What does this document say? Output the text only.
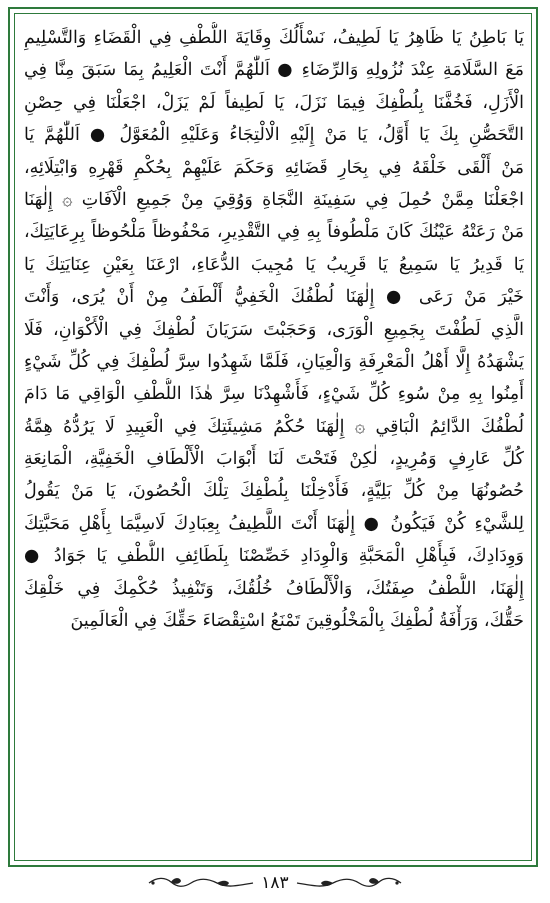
يَا بَاطِنُ يَا ظَاهِرُ يَا لَطِيفُ، نَسْأَلُكَ وِقَايَةَ اللُّطْفِ فِي الْقَضَاءِ وَالتَّسْلِيمِ
مَعَ السَّلَامَةِ عِنْدَ نُزُولِهِ وَالرِّضَاءِ ● اَللّٰهُمَّ أَنْتَ الْعَلِيمُ بِمَا سَبَقَ مِنَّا فِي
الْأَزَلِ، فَخُفَّنَا بِلُطْفِكَ فِيمَا نَزَلَ، يَا لَطِيفاً لَمْ يَزَلْ، اجْعَلْنَا فِي حِصْنِ
التَّحَصُّنِ بِكَ يَا أَوَّلُ، يَا مَنْ إِلَيْهِ الْالْتِجَاءُ وَعَلَيْهِ الْمُعَوَّلُ ● اَللّٰهُمَّ يَا
مَنْ أَلْقَى خَلْقَهُ فِي بِحَارِ قَضَائِهِ وَحَكَمَ عَلَيْهِمْ بِحُكْمِ قَهْرِهِ وَابْتِلَائِهِ،
اجْعَلْنَا مِمَّنْ حُمِلَ فِي سَفِينَةِ النَّجَاةِ وَوُقِيَ مِنْ جَمِيعِ الْآفَاتِ ۞ إِلٰهَنَا
مَنْ رَعَتْهُ عَيْنُكَ كَانَ مَلْطُوفاً بِهِ فِي التَّقْدِيرِ، مَحْفُوظاً مَلْحُوظاً بِرِعَايَتِكَ،
يَا قَدِيرُ يَا سَمِيعُ يَا قَرِيبُ يَا مُجِيبَ الدُّعَاءِ، ارْعَنَا بِعَيْنِ عِنَايَتِكَ يَا
خَيْرَ مَنْ رَعَى ● إِلٰهَنَا لُطْفُكَ الْخَفِيُّ أَلْطَفُ مِنْ أَنْ يُرَى، وَأَنْتَ
الَّذِي لَطُفْتَ بِجَمِيعِ الْوَرَى، وَحَجَبْتَ سَرَيَانَ لُطْفِكَ فِي الْأَكْوَانِ، فَلَا
يَشْهَدُهُ إِلَّا أَهْلُ الْمَعْرِفَةِ وَالْعِيَانِ، فَلَمَّا شَهِدُوا سِرَّ لُطْفِكَ فِي كُلِّ شَيْءٍ
أَمِنُوا بِهِ مِنْ سُوءِ كُلِّ شَيْءٍ، فَأَشْهِدْنَا سِرَّ هٰذَا اللُّطْفِ الْوَاقِي مَا دَامَ
لُطْفُكَ الدَّائِمُ الْبَاقِي ۞ إِلٰهَنَا حُكْمُ مَشِيئَتِكَ فِي الْعَبِيدِ لَا يَرُدُّهُ هِمَّةُ
كُلِّ عَارِفٍ وَمُرِيدٍ، لٰكِنْ فَتَحْتَ لَنَا أَبْوَابَ الْأَلْطَافِ الْخَفِيَّةِ، الْمَانِعَةِ
حُصُونُهَا مِنْ كُلِّ بَلِيَّةٍ، فَأَدْخِلْنَا بِلُطْفِكَ تِلْكَ الْحُصُونَ، يَا مَنْ يَقُولُ
لِلشَّيْءِ كُنْ فَيَكُونُ ● إِلٰهَنَا أَنْتَ اللَّطِيفُ بِعِبَادِكَ لَاسِيَّمَا بِأَهْلِ مَحَبَّتِكَ
وَوِدَادِكَ، فَبِأَهْلِ الْمَحَبَّةِ وَالْوِدَادِ خَصِّصْنَا بِلَطَائِفِ اللُّطْفِ يَا جَوَادُ ●
إِلٰهَنَا، اللُّطْفُ صِفَتُكَ، وَالْأَلْطَافُ خُلُقُكَ، وَتَنْفِيذُ حُكْمِكَ فِي خَلْقِكَ
حَقُّكَ، وَرَأْفَةُ لُطْفِكَ بِالْمَخْلُوقِينَ تَمْنَعُ اسْتِقْصَاءَ حَقِّكَ فِي الْعَالَمِينَ
١٨٣
